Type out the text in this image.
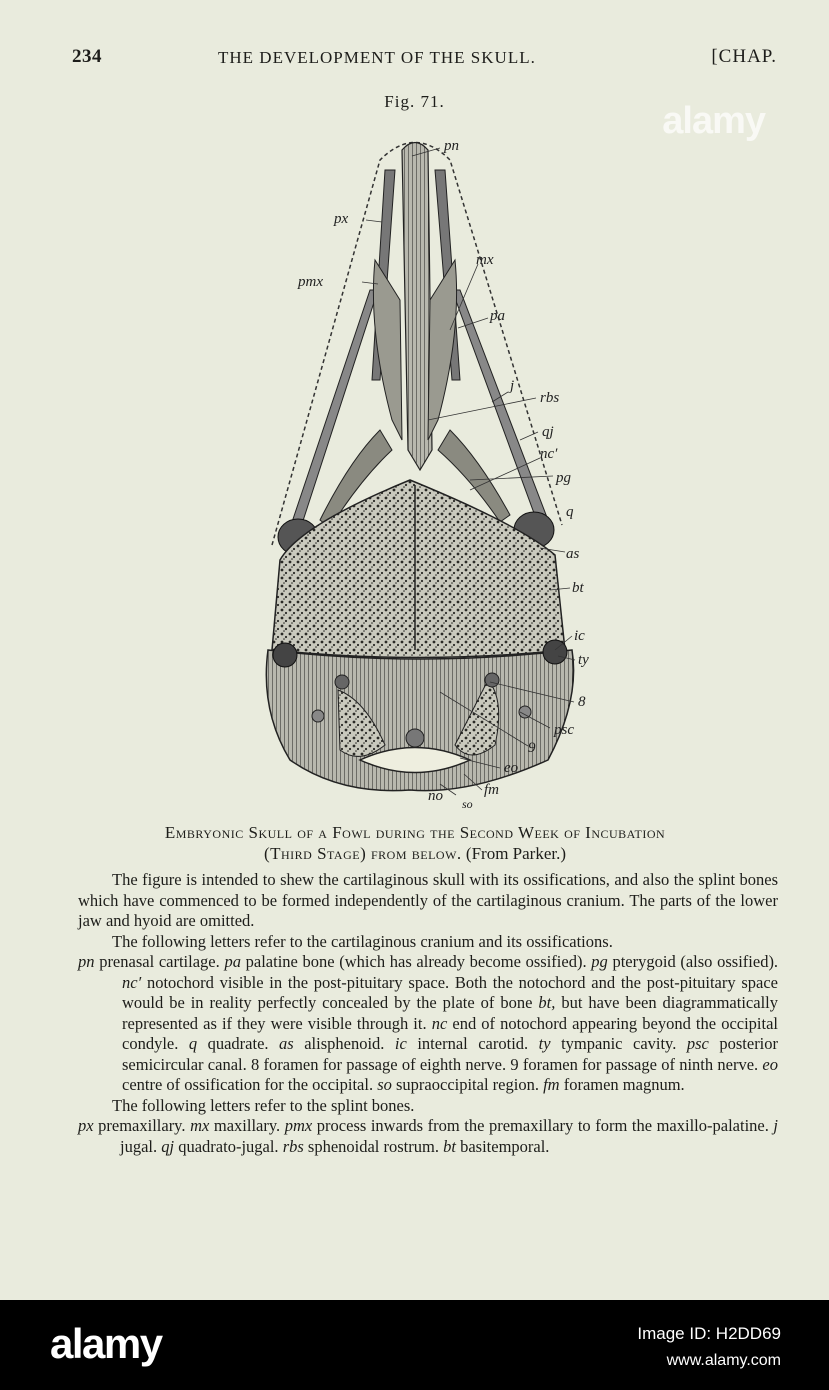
234	THE DEVELOPMENT OF THE SKULL.	[CHAP.
alamy
Fig. 71.
pn
px
mx
pmx
pa
j
rbs
qj
nc′
pg
q
as
bt
ic
ty
8
psc
9
eo
fm
no so
Embryonic Skull of a Fowl during the Second Week of Incubation
(Third Stage) from below. (From Parker.)

The figure is intended to shew the cartilaginous skull with its ossifications, and also the splint bones which have commenced to be formed independently of the cartilaginous cranium. The parts of the lower jaw and hyoid are omitted.

The following letters refer to the cartilaginous cranium and its ossifications.

pn prenasal cartilage. pa palatine bone (which has already become ossified). pg pterygoid (also ossified). nc′ notochord visible in the post-pituitary space. Both the notochord and the post-pituitary space would be in reality perfectly concealed by the plate of bone bt, but have been diagrammatically represented as if they were visible through it. nc end of notochord appearing beyond the occipital condyle. q quadrate. as alisphenoid. ic internal carotid. ty tympanic cavity. psc posterior semicircular canal. 8 foramen for passage of eighth nerve. 9 foramen for passage of ninth nerve. eo centre of ossification for the occipital. so supraoccipital region. fm foramen magnum.

The following letters refer to the splint bones.

px premaxillary. mx maxillary. pmx process inwards from the premaxillary to form the maxillo-palatine. j jugal. qj quadrato-jugal. rbs sphenoidal rostrum. bt basitemporal.

alamy	Image ID: H2DD69
www.alamy.com
